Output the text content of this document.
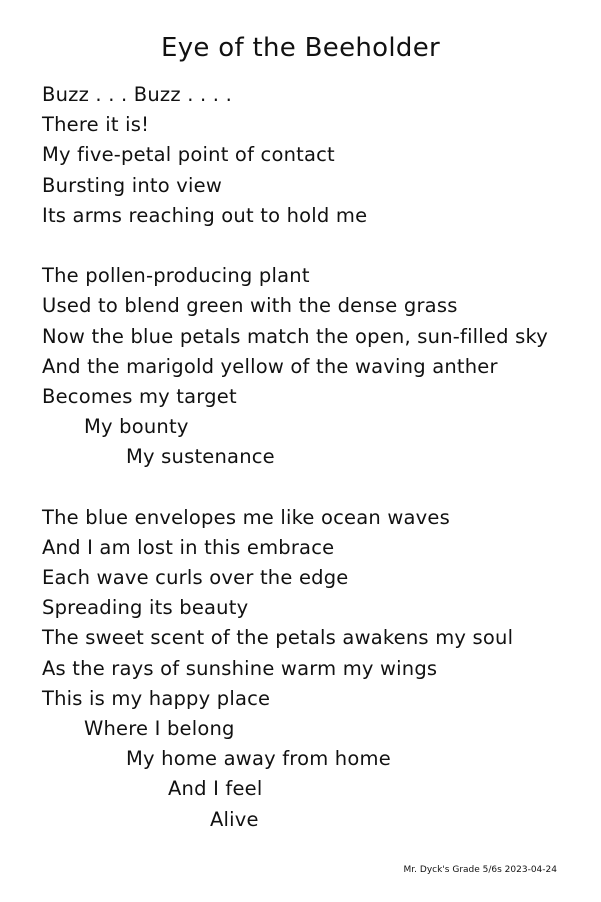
Eye of the Beeholder
Buzz . . . Buzz . . . .
There it is!
My five-petal point of contact
Bursting into view
Its arms reaching out to hold me
The pollen-producing plant
Used to blend green with the dense grass
Now the blue petals match the open, sun-filled sky
And the marigold yellow of the waving anther
Becomes my target
My bounty
My sustenance
The blue envelopes me like ocean waves
And I am lost in this embrace
Each wave curls over the edge
Spreading its beauty
The sweet scent of the petals awakens my soul
As the rays of sunshine warm my wings
This is my happy place
Where I belong
My home away from home
And I feel
Alive
Mr. Dyck's Grade 5/6s 2023-04-24
